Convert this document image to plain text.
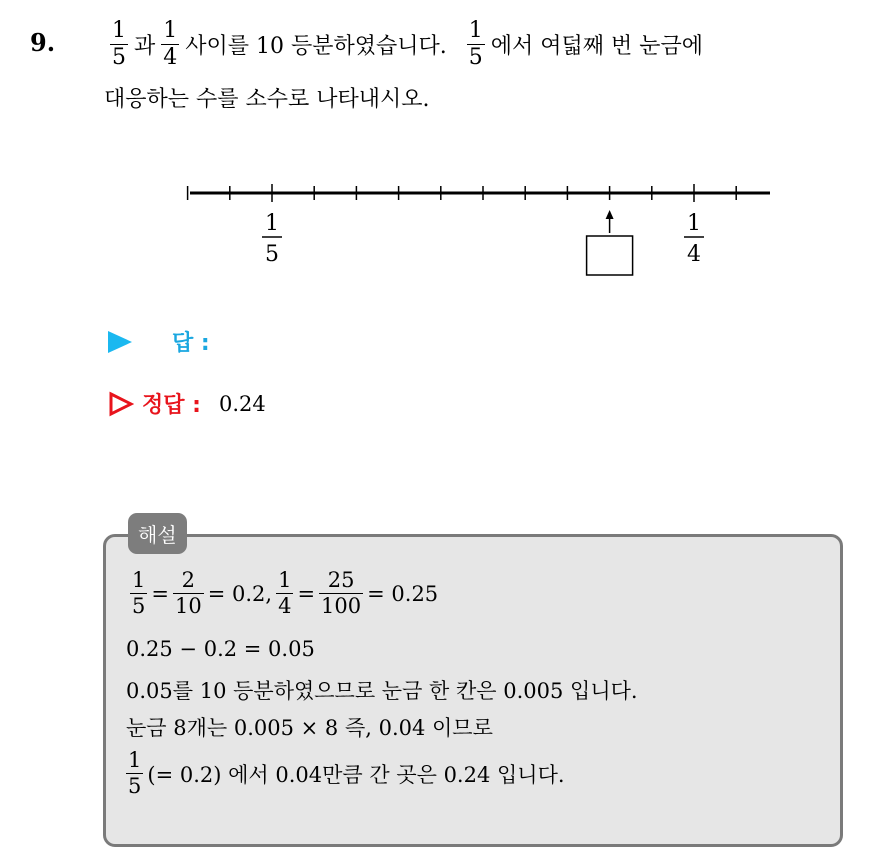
9. $\frac{1}{5}$ 과 $\frac{1}{4}$ 사이를 10 등분하였습니다. $\frac{1}{5}$ 에서 여덟째 번 눈금에
대응하는 수를 소수로 나타내시오.
1
5
1
4
답 :
정답 : 0.24
해설
$\frac{1}{5} = \frac{2}{10} = 0.2$, $\frac{1}{4} = \frac{25}{100} = 0.25$
0.25 − 0.2 = 0.05
0.05를 10 등분하였으므로 눈금 한 칸은 0.005 입니다.
눈금 8개는 0.005 × 8 즉, 0.04 이므로
$\frac{1}{5}$ (= 0.2) 에서 0.04만큼 간 곳은 0.24 입니다.
